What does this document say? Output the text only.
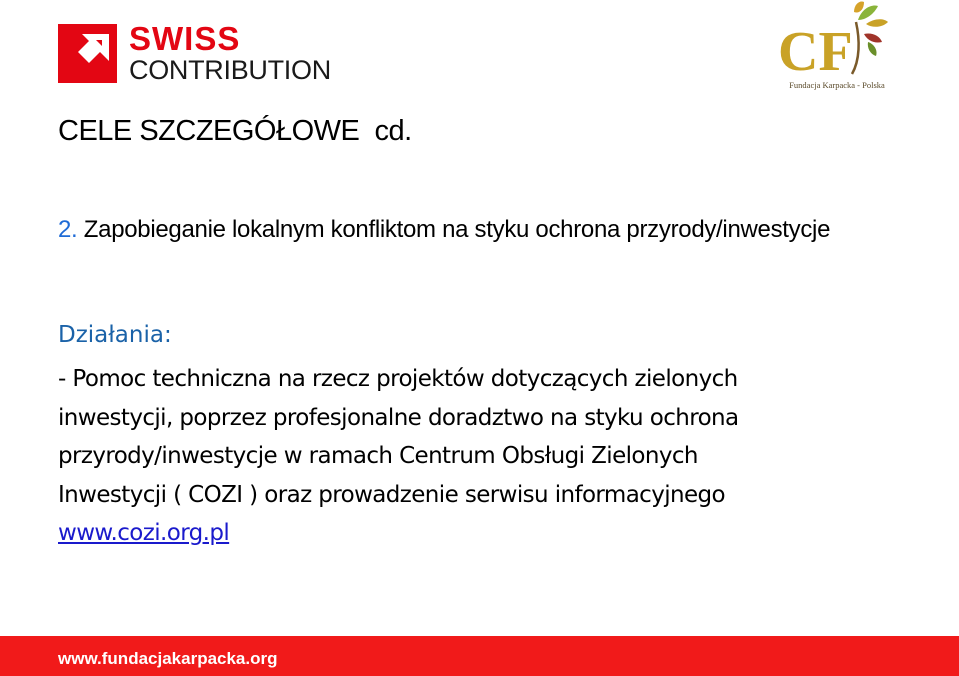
SWISS
CONTRIBUTION	CF
Fundacja Karpacka - Polska
CELE SZCZEGÓŁOWE  cd.
2. Zapobieganie lokalnym konfliktom na styku ochrona przyrody/inwestycje
Działania:
- Pomoc techniczna na rzecz projektów dotyczących zielonych
inwestycji, poprzez profesjonalne doradztwo na styku ochrona
przyrody/inwestycje w ramach Centrum Obsługi Zielonych
Inwestycji ( COZI ) oraz prowadzenie serwisu informacyjnego
www.cozi.org.pl
www.fundacjakarpacka.org
